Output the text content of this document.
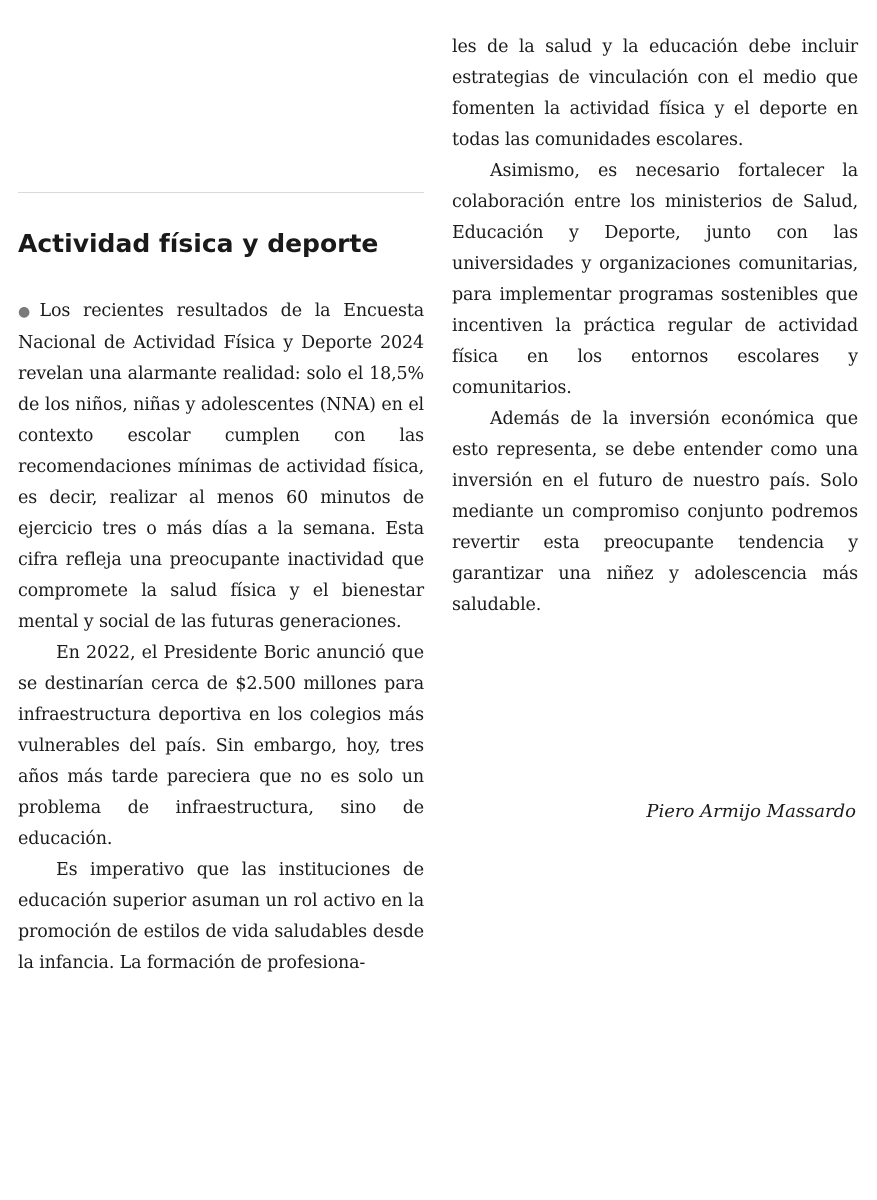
Actividad física y deporte

● Los recientes resultados de la Encuesta Nacional de Actividad Física y Deporte 2024 revelan una alarmante realidad: solo el 18,5% de los niños, niñas y adolescentes (NNA) en el contexto escolar cumplen con las recomendaciones mínimas de actividad física, es decir, realizar al menos 60 minutos de ejercicio tres o más días a la semana. Esta cifra refleja una preocupante inactividad que compromete la salud física y el bienestar mental y social de las futuras generaciones.

En 2022, el Presidente Boric anunció que se destinarían cerca de $2.500 millones para infraestructura deportiva en los colegios más vulnerables del país. Sin embargo, hoy, tres años más tarde pareciera que no es solo un problema de infraestructura, sino de educación.

Es imperativo que las instituciones de educación superior asuman un rol activo en la promoción de estilos de vida saludables desde la infancia. La formación de profesiona-

les de la salud y la educación debe incluir estrategias de vinculación con el medio que fomenten la actividad física y el deporte en todas las comunidades escolares.

Asimismo, es necesario fortalecer la colaboración entre los ministerios de Salud, Educación y Deporte, junto con las universidades y organizaciones comunitarias, para implementar programas sostenibles que incentiven la práctica regular de actividad física en los entornos escolares y comunitarios.

Además de la inversión económica que esto representa, se debe entender como una inversión en el futuro de nuestro país. Solo mediante un compromiso conjunto podremos revertir esta preocupante tendencia y garantizar una niñez y adolescencia más saludable.

Piero Armijo Massardo
